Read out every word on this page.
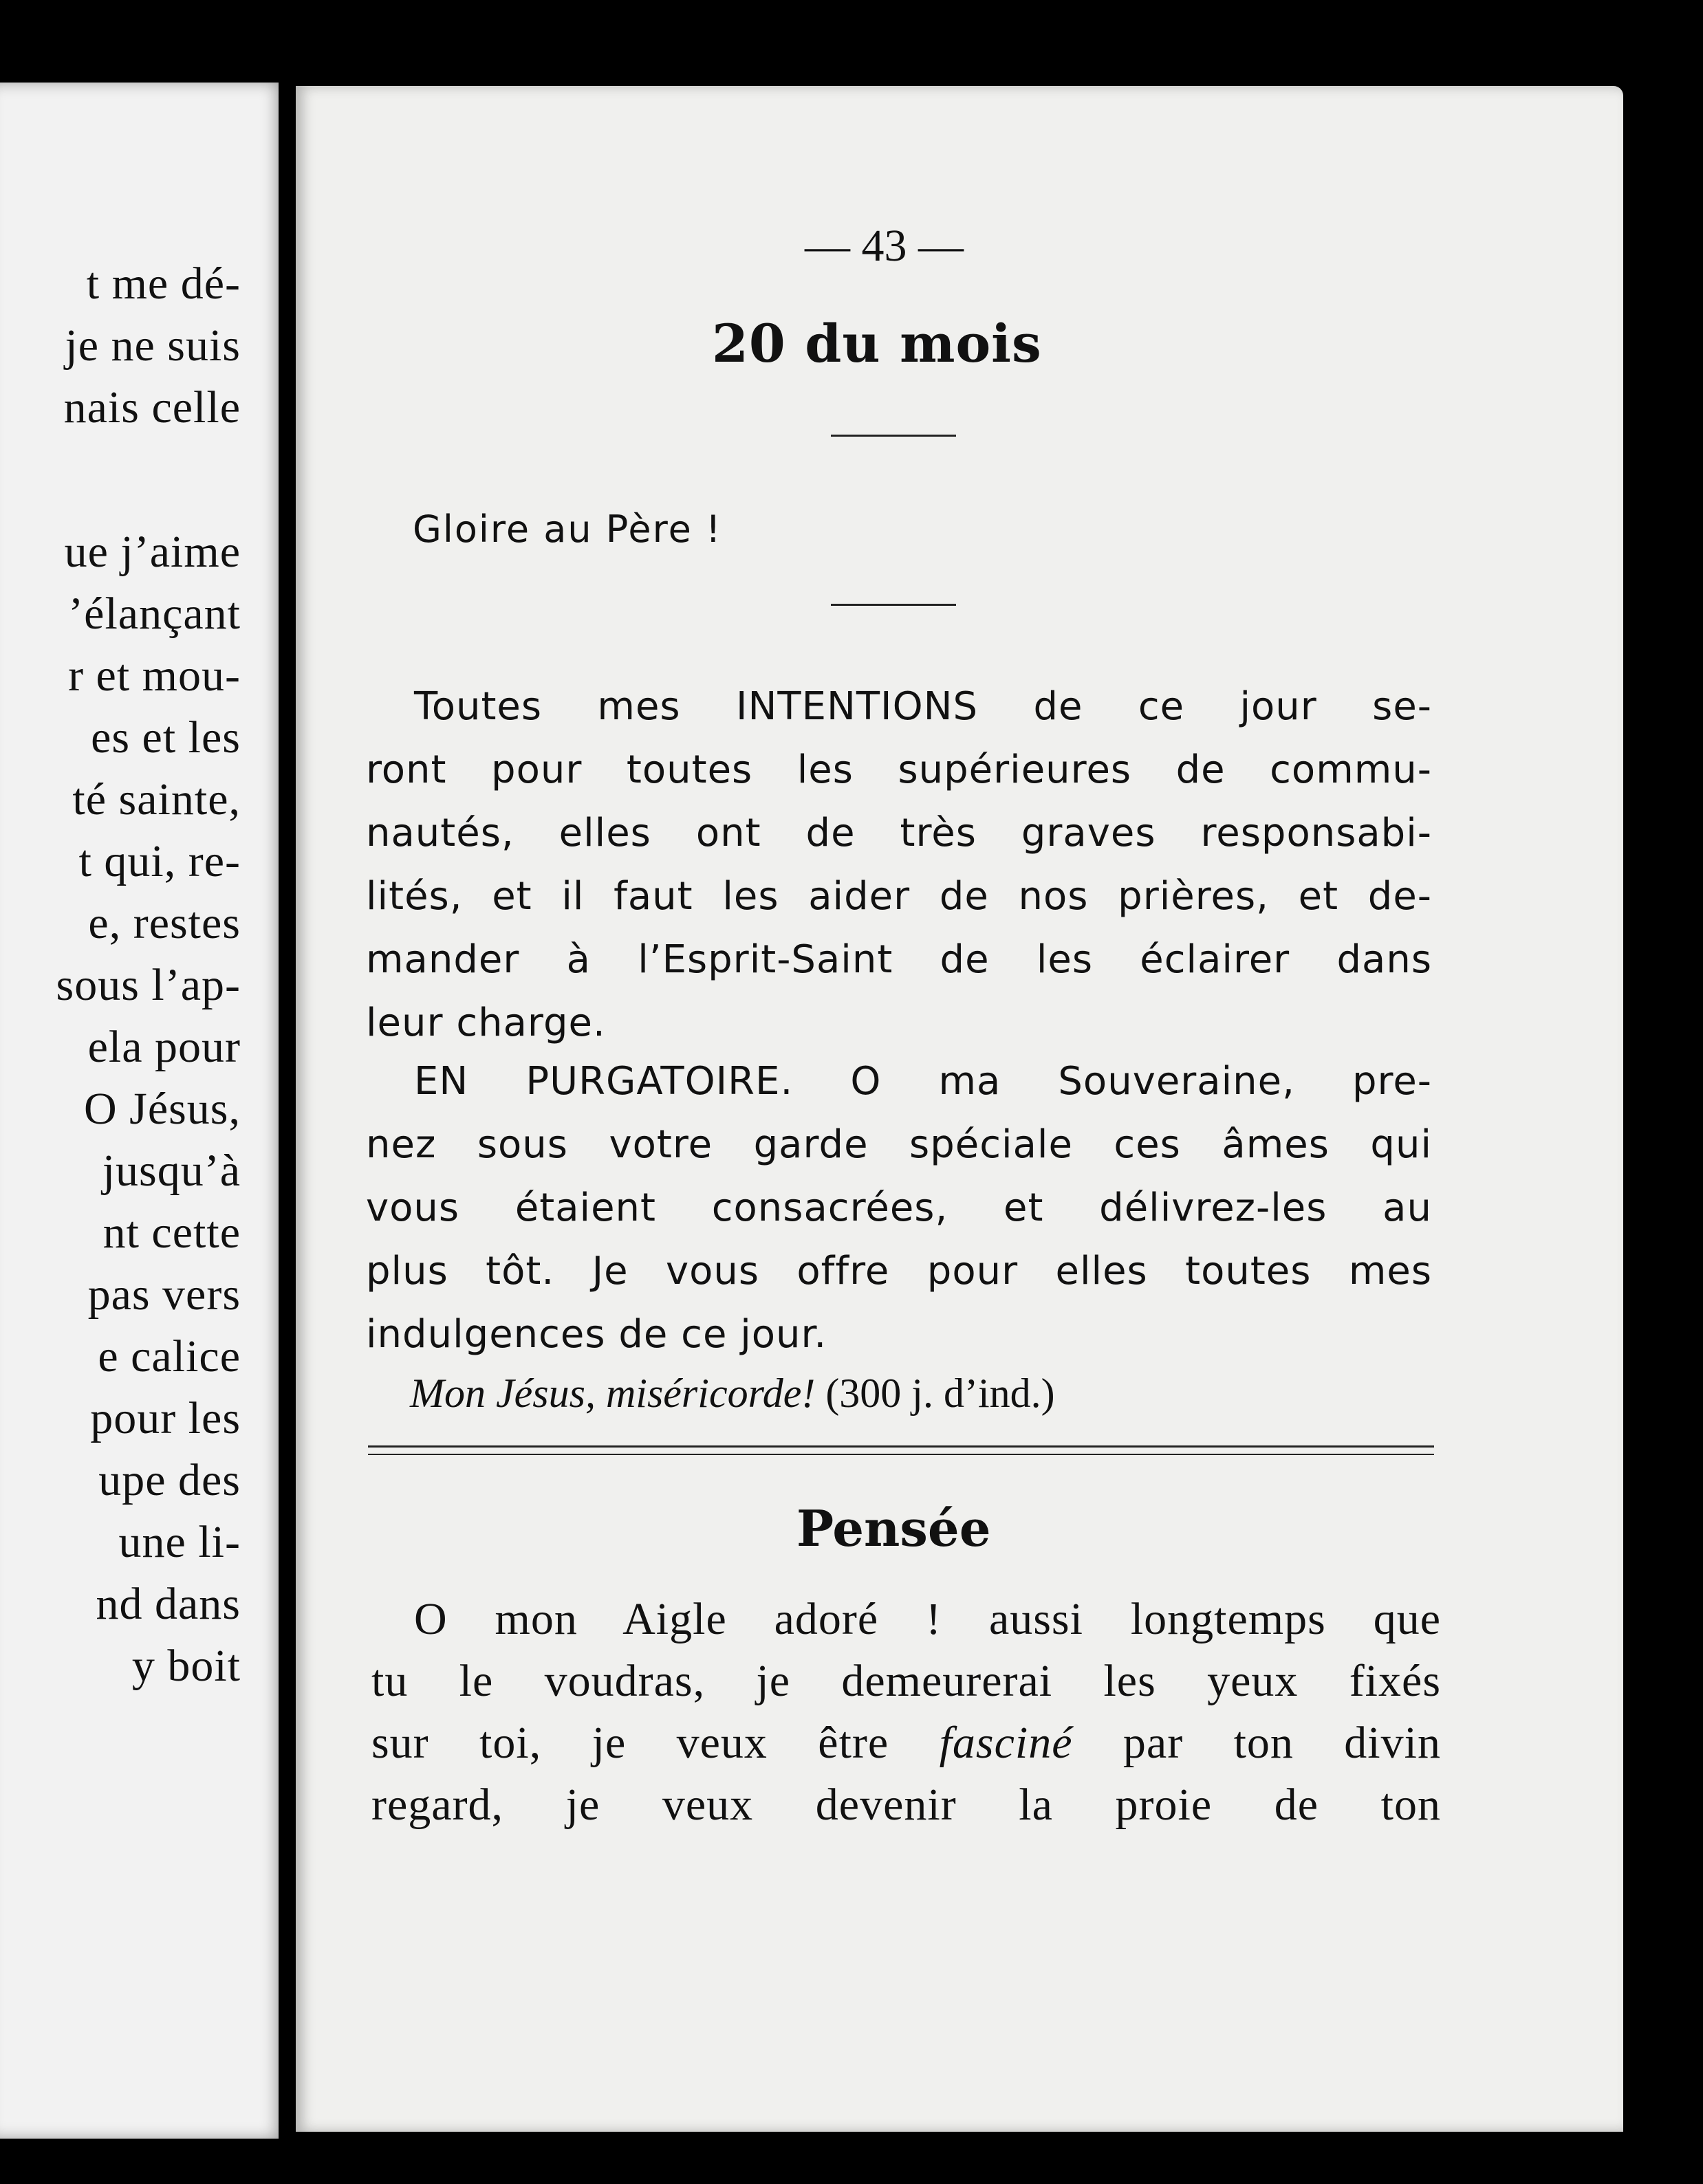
t me dé-
je ne suis
nais celle
ue j’aime
’élançant
r et mou-
es et les
té sainte,
t qui, re-
e, restes
sous l’ap-
ela pour
O Jésus,
jusqu’à
nt cette
pas vers
e calice
pour les
upe des
une li-
nd dans
y boit
— 43 —
20 du mois
Gloire au Père !
Toutes mes INTENTIONS de ce jour se-
ront pour toutes les supérieures de commu-
nautés, elles ont de très graves responsabi-
lités, et il faut les aider de nos prières, et de-
mander à l’Esprit-Saint de les éclairer dans
leur charge.
EN PURGATOIRE. O ma Souveraine, pre-
nez sous votre garde spéciale ces âmes qui
vous étaient consacrées, et délivrez-les au
plus tôt. Je vous offre pour elles toutes mes
indulgences de ce jour.
Mon Jésus, miséricorde! (300 j. d’ind.)
Pensée
O mon Aigle adoré ! aussi longtemps que
tu le voudras, je demeurerai les yeux fixés
sur toi, je veux être fasciné par ton divin
regard, je veux devenir la proie de ton
